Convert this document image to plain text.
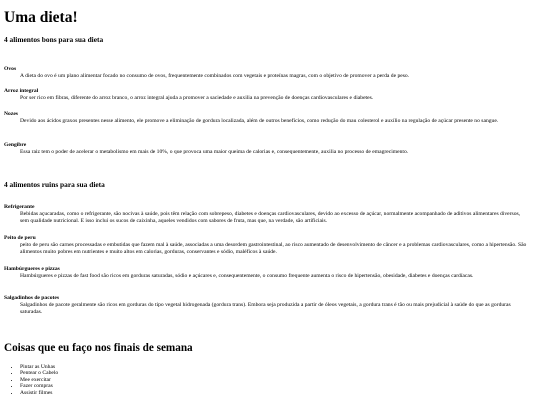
Uma dieta!
4 alimentos bons para sua dieta
Ovos
A dieta do ovo é um plano alimentar focado no consumo de ovos, frequentemente combinados com vegetais e proteínas magras, com o objetivo de promover a perda de peso.
Arroz integral
Por ser rico em fibras, diferente do arroz branco, o arroz integral ajuda a promover a saciedade e auxilia na prevenção de doenças cardiovasculares e diabetes.
Nozes
Devido aos ácidos graxos presentes nesse alimento, ele promove a eliminação de gordura localizada, além de outros benefícios, como redução do mau colesterol e auxílio na regulação de açúcar presente no sangue.
Gengibre
Essa raiz tem o poder de acelerar o metabolismo em mais de 10%, o que provoca uma maior queima de calorias e, consequentemente, auxilia no processo de emagrecimento.
4 alimentos ruins para sua dieta
Refrigerante
Bebidas açucaradas, como o refrigerante, são nocivas à saúde, pois têm relação com sobrepeso, diabetes e doenças cardiovasculares, devido ao excesso de açúcar, normalmente acompanhado de aditivos alimentares diversos, sem qualidade nutricional. E isso inclui os sucos de caixinha, aqueles vendidos com sabores de fruta, mas que, na verdade, são artificiais.
Peito de peru
peito de peru são carnes processadas e embutidas que fazem mal à saúde, associadas a uma desordem gastrointestinal, ao risco aumentado de desenvolvimento de câncer e a problemas cardiovasculares, como a hipertensão. São alimentos muito pobres em nutrientes e muito altos em calorias, gorduras, conservantes e sódio, maléficos à saúde.
Hambúrgueres e pizzas
Hambúrgueres e pizzas de fast food são ricos em gorduras saturadas, sódio e açúcares e, consequentemente, o consumo frequente aumenta o risco de hipertensão, obesidade, diabetes e doenças cardíacas.
Salgadinhos de pacotes
Salgadinhos de pacote geralmente são ricos em gorduras do tipo vegetal hidrogenada (gordura trans). Embora seja produzida a partir de óleos vegetais, a gordura trans é tão ou mais prejudicial à saúde do que as gorduras saturadas.
Coisas que eu faço nos finais de semana
• Pintar as Unhas
• Pentear o Cabelo
• Mee exercitar
• Fazer compras
• Assistir filmes
